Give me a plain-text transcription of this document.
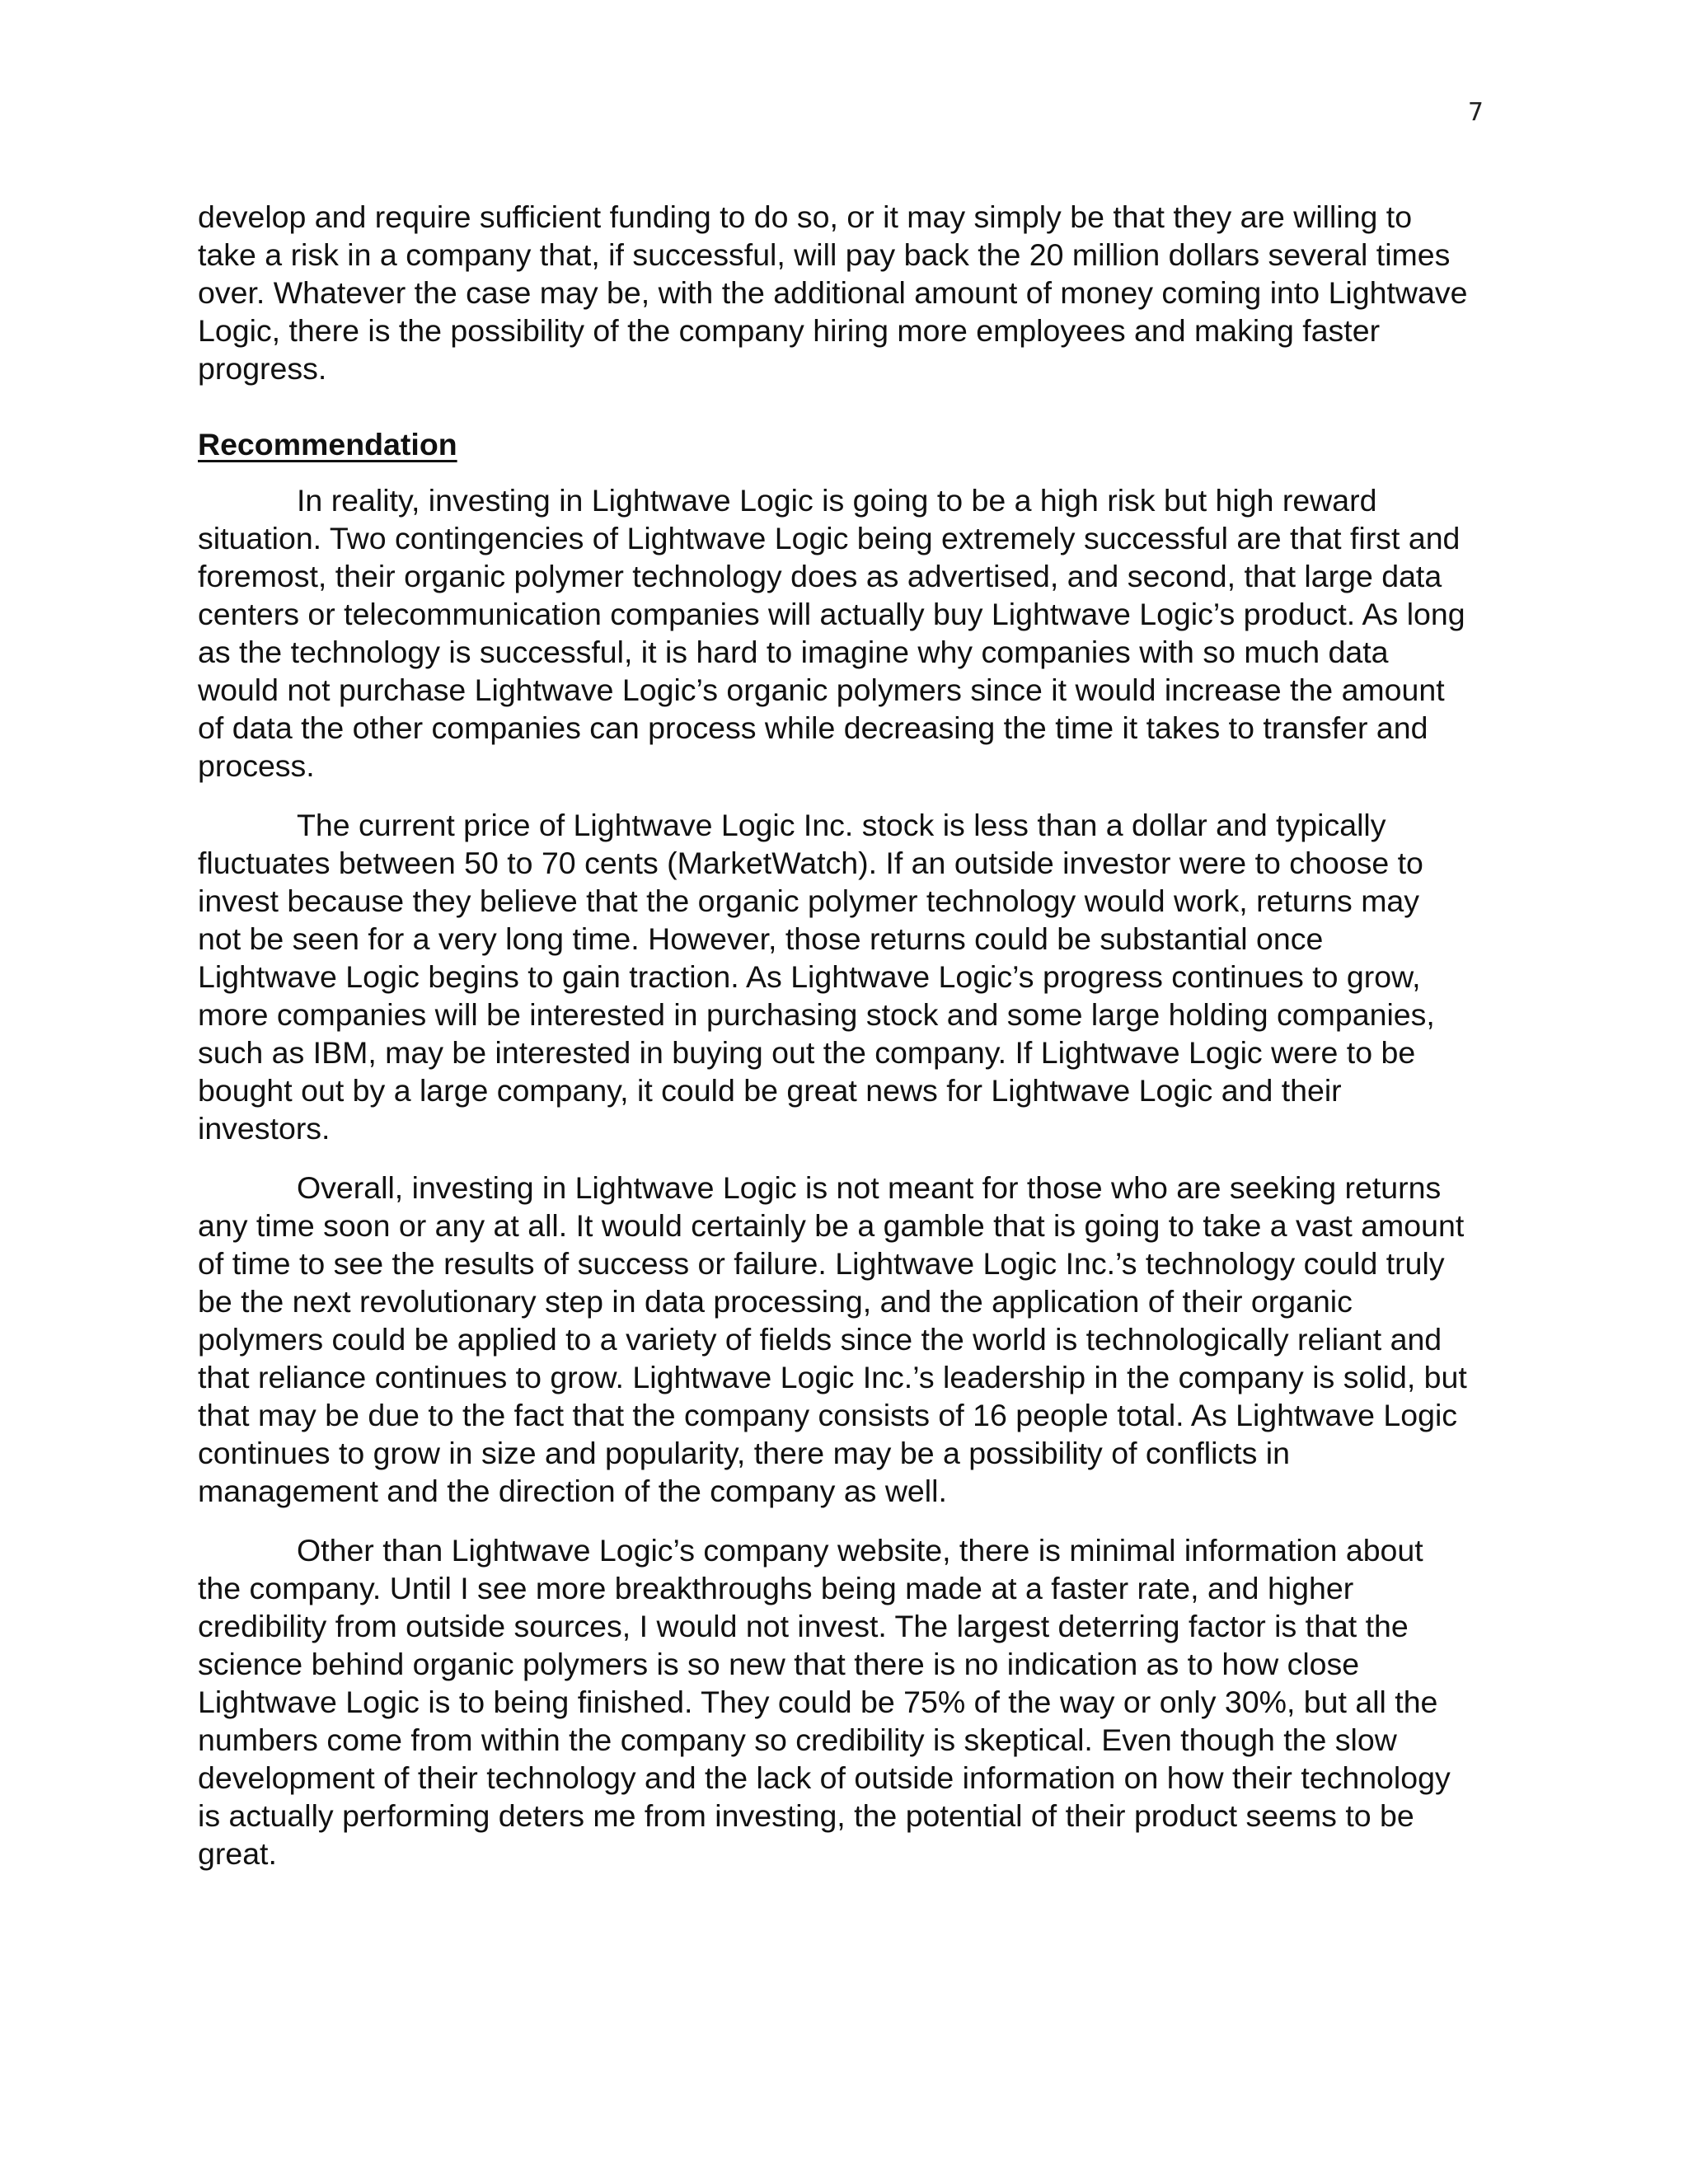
7

develop and require sufficient funding to do so, or it may simply be that they are willing to take a risk in a company that, if successful, will pay back the 20 million dollars several times over. Whatever the case may be, with the additional amount of money coming into Lightwave Logic, there is the possibility of the company hiring more employees and making faster progress.

Recommendation

In reality, investing in Lightwave Logic is going to be a high risk but high reward situation. Two contingencies of Lightwave Logic being extremely successful are that first and foremost, their organic polymer technology does as advertised, and second, that large data centers or telecommunication companies will actually buy Lightwave Logic’s product. As long as the technology is successful, it is hard to imagine why companies with so much data would not purchase Lightwave Logic’s organic polymers since it would increase the amount of data the other companies can process while decreasing the time it takes to transfer and process.

The current price of Lightwave Logic Inc. stock is less than a dollar and typically fluctuates between 50 to 70 cents (MarketWatch). If an outside investor were to choose to invest because they believe that the organic polymer technology would work, returns may not be seen for a very long time. However, those returns could be substantial once Lightwave Logic begins to gain traction. As Lightwave Logic’s progress continues to grow, more companies will be interested in purchasing stock and some large holding companies, such as IBM, may be interested in buying out the company. If Lightwave Logic were to be bought out by a large company, it could be great news for Lightwave Logic and their investors.

Overall, investing in Lightwave Logic is not meant for those who are seeking returns any time soon or any at all. It would certainly be a gamble that is going to take a vast amount of time to see the results of success or failure. Lightwave Logic Inc.’s technology could truly be the next revolutionary step in data processing, and the application of their organic polymers could be applied to a variety of fields since the world is technologically reliant and that reliance continues to grow. Lightwave Logic Inc.’s leadership in the company is solid, but that may be due to the fact that the company consists of 16 people total. As Lightwave Logic continues to grow in size and popularity, there may be a possibility of conflicts in management and the direction of the company as well.

Other than Lightwave Logic’s company website, there is minimal information about the company. Until I see more breakthroughs being made at a faster rate, and higher credibility from outside sources, I would not invest. The largest deterring factor is that the science behind organic polymers is so new that there is no indication as to how close Lightwave Logic is to being finished. They could be 75% of the way or only 30%, but all the numbers come from within the company so credibility is skeptical. Even though the slow development of their technology and the lack of outside information on how their technology is actually performing deters me from investing, the potential of their product seems to be great.
